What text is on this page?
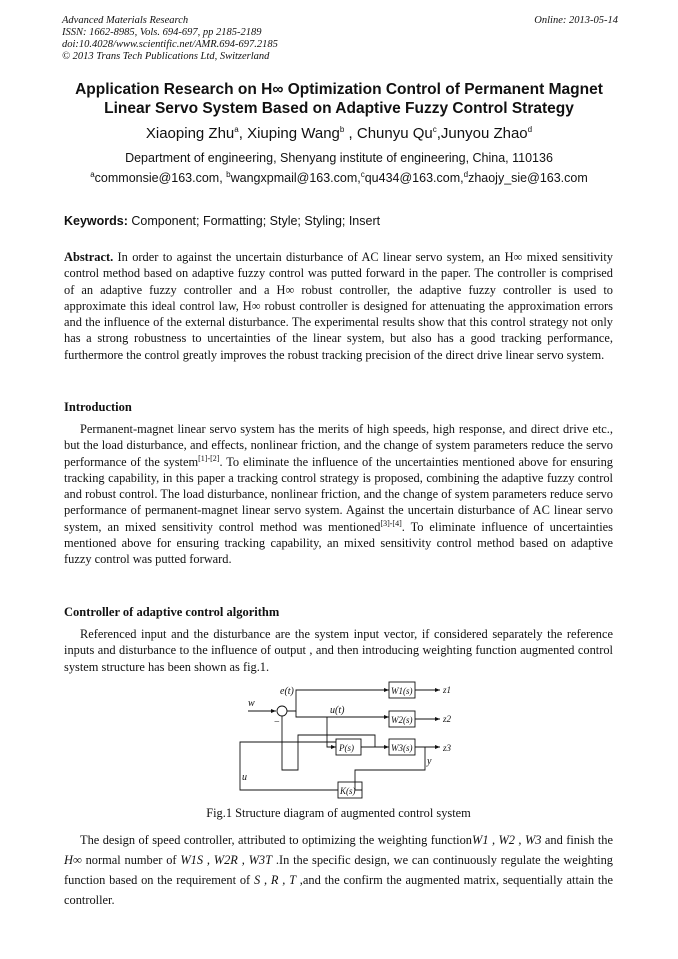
Advanced Materials Research
ISSN: 1662-8985, Vols. 694-697, pp 2185-2189
doi:10.4028/www.scientific.net/AMR.694-697.2185
© 2013 Trans Tech Publications Ltd, Switzerland
Online: 2013-05-14
Application Research on H∞ Optimization Control of Permanent Magnet
Linear Servo System Based on Adaptive Fuzzy Control Strategy
Xiaoping Zhu$^a$, Xiuping Wang$^b$ , Chunyu Qu$^c$,Junyou Zhao$^d$
Department of engineering, Shenyang institute of engineering, China, 110136
$^a$commonsie@163.com, $^b$wangxpmail@163.com,$^c$qu434@163.com,$^d$zhaojy_sie@163.com
Keywords: Component; Formatting; Style; Styling; Insert
Abstract. In order to against the uncertain disturbance of AC linear servo system, an H∞ mixed sensitivity control method based on adaptive fuzzy control was putted forward in the paper. The controller is comprised of an adaptive fuzzy controller and a H∞ robust controller, the adaptive fuzzy controller is used to approximate this ideal control law, H∞ robust controller is designed for attenuating the approximation errors and the influence of the external disturbance. The experimental results show that this control strategy not only has a strong robustness to uncertainties of the linear system, but also has a good tracking performance, furthermore the control greatly improves the robust tracking precision of the direct drive linear servo system.
Introduction
Permanent-magnet linear servo system has the merits of high speeds, high response, and direct drive etc., but the load disturbance, and effects, nonlinear friction, and the change of system parameters reduce the servo performance of the system[1]-[2]. To eliminate the influence of the uncertainties mentioned above for ensuring tracking capability, in this paper a tracking control strategy is proposed, combining the adaptive fuzzy control and robust control. The load disturbance, nonlinear friction, and the change of system parameters reduce servo performance of permanent-magnet linear servo system. Against the uncertain disturbance of AC linear servo system, an mixed sensitivity control method was mentioned[3]-[4]. To eliminate influence of uncertainties mentioned above for ensuring tracking capability, an mixed sensitivity control method based on adaptive fuzzy control was putted forward.
Controller of adaptive control algorithm
Referenced input and the disturbance are the system input vector, if considered separately the reference inputs and disturbance to the influence of output , and then introducing weighting function augmented control system structure has been shown as fig.1.
w
e(t)
−
u(t)
W1(s)
W2(s)
W3(s)
P(s)
K(s)
z1
z2
z3
y
u
Fig.1 Structure diagram of augmented control system
The design of speed controller, attributed to optimizing the weighting functionW1 , W2 , W3 and finish the H∞ normal number of W1S , W2R , W3T .In the specific design, we can continuously regulate the weighting function based on the requirement of S , R , T ,and the confirm the augmented matrix, sequentially attain the controller.
